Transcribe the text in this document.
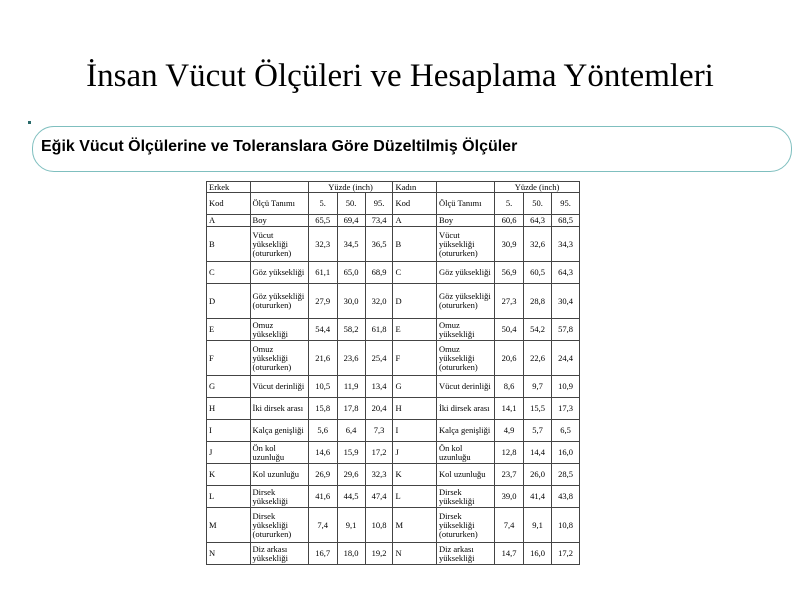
İnsan Vücut Ölçüleri ve Hesaplama Yöntemleri
Eğik Vücut Ölçülerine ve Toleranslara Göre Düzeltilmiş Ölçüler
Erkek		Yüzde (inch)			Kadın		Yüzde (inch)		
Kod	Ölçü Tanımı	5.	50.	95.	Kod	Ölçü Tanımı	5.	50.	95.
A	Boy	65,5	69,4	73,4	A	Boy	60,6	64,3	68,5
B	Vücut yüksekliği (otururken)	32,3	34,5	36,5	B	Vücut yüksekliği (otururken)	30,9	32,6	34,3
C	Göz yüksekliği	61,1	65,0	68,9	C	Göz yüksekliği	56,9	60,5	64,3
D	Göz yüksekliği (otururken)	27,9	30,0	32,0	D	Göz yüksekliği (otururken)	27,3	28,8	30,4
E	Omuz yüksekliği	54,4	58,2	61,8	E	Omuz yüksekliği	50,4	54,2	57,8
F	Omuz yüksekliği (otururken)	21,6	23,6	25,4	F	Omuz yüksekliği (otururken)	20,6	22,6	24,4
G	Vücut derinliği	10,5	11,9	13,4	G	Vücut derinliği	8,6	9,7	10,9
H	İki dirsek arası	15,8	17,8	20,4	H	İki dirsek arası	14,1	15,5	17,3
I	Kalça genişliği	5,6	6,4	7,3	I	Kalça genişliği	4,9	5,7	6,5
J	Ön kol uzunluğu	14,6	15,9	17,2	J	Ön kol uzunluğu	12,8	14,4	16,0
K	Kol uzunluğu	26,9	29,6	32,3	K	Kol uzunluğu	23,7	26,0	28,5
L	Dirsek yüksekliği	41,6	44,5	47,4	L	Dirsek yüksekliği	39,0	41,4	43,8
M	Dirsek yüksekliği (otururken)	7,4	9,1	10,8	M	Dirsek yüksekliği (otururken)	7,4	9,1	10,8
N	Diz arkası yüksekliği	16,7	18,0	19,2	N	Diz arkası yüksekliği	14,7	16,0	17,2
